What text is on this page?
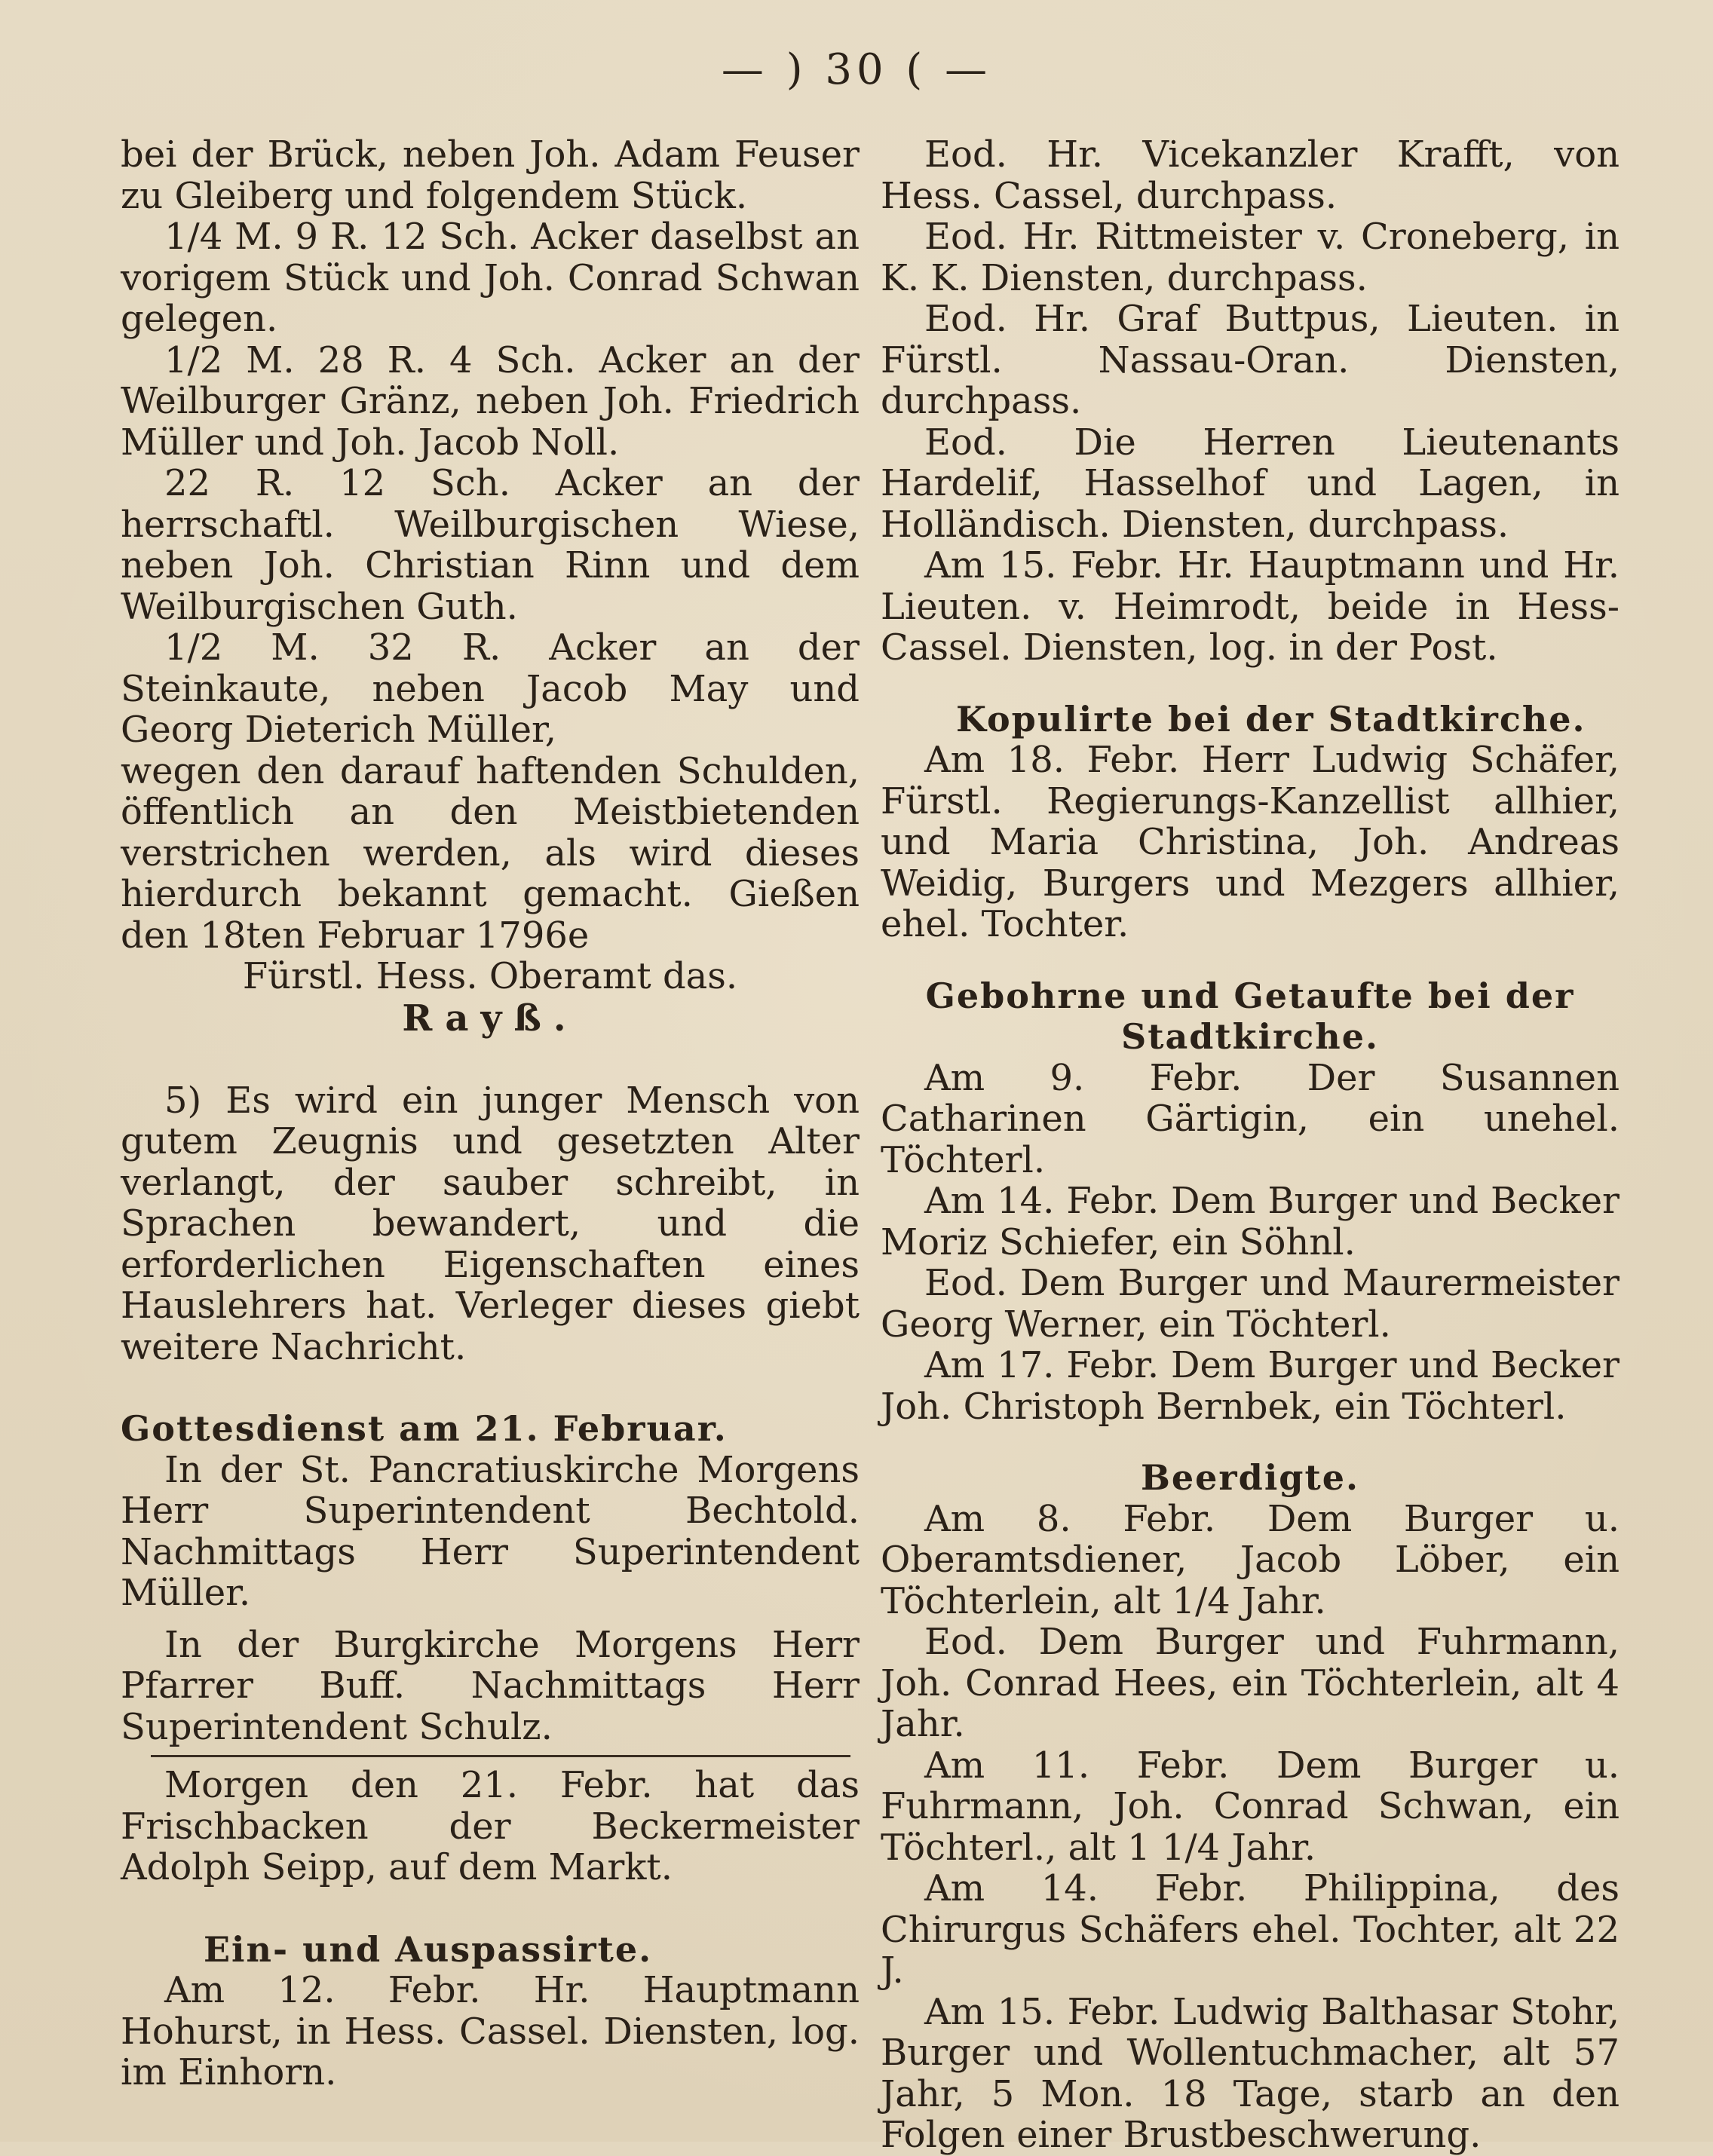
— ) 30 ( —

bei der Brück, neben Joh. Adam Feuser zu Gleiberg und folgendem Stück.

1/4 M. 9 R. 12 Sch. Acker daselbst an vorigem Stück und Joh. Conrad Schwan gelegen.

1/2 M. 28 R. 4 Sch. Acker an der Weilburger Gränz, neben Joh. Friedrich Müller und Joh. Jacob Noll.

22 R. 12 Sch. Acker an der herrschaftl. Weilburgischen Wiese, neben Joh. Christian Rinn und dem Weilburgischen Guth.

1/2 M. 32 R. Acker an der Steinkaute, neben Jacob May und Georg Dieterich Müller,

wegen den darauf haftenden Schulden, öffentlich an den Meistbietenden verstrichen werden, als wird dieses hierdurch bekannt gemacht. Gießen den 18ten Februar 1796e

Fürstl. Hess. Oberamt das.
Rayß.

5) Es wird ein junger Mensch von gutem Zeugnis und gesetzten Alter verlangt, der sauber schreibt, in Sprachen bewandert, und die erforderlichen Eigenschaften eines Hauslehrers hat. Verleger dieses giebt weitere Nachricht.

Gottesdienst am 21. Februar.

In der St. Pancratiuskirche Morgens Herr Superintendent Bechtold. Nachmittags Herr Superintendent Müller.

In der Burgkirche Morgens Herr Pfarrer Buff. Nachmittags Herr Superintendent Schulz.

Morgen den 21. Febr. hat das Frischbacken der Beckermeister Adolph Seipp, auf dem Markt.

Ein- und Auspassirte.

Am 12. Febr. Hr. Hauptmann Hohurst, in Hess. Cassel. Diensten, log. im Einhorn.

Eod. Hr. Vicekanzler Krafft, von Hess. Cassel, durchpass.

Eod. Hr. Rittmeister v. Croneberg, in K. K. Diensten, durchpass.

Eod. Hr. Graf Buttpus, Lieuten. in Fürstl. Nassau-Oran. Diensten, durchpass.

Eod. Die Herren Lieutenants Hardelif, Hasselhof und Lagen, in Holländisch. Diensten, durchpass.

Am 15. Febr. Hr. Hauptmann und Hr. Lieuten. v. Heimrodt, beide in Hess-Cassel. Diensten, log. in der Post.

Kopulirte bei der Stadtkirche.

Am 18. Febr. Herr Ludwig Schäfer, Fürstl. Regierungs-Kanzellist allhier, und Maria Christina, Joh. Andreas Weidig, Burgers und Mezgers allhier, ehel. Tochter.

Gebohrne und Getaufte bei der Stadtkirche.

Am 9. Febr. Der Susannen Catharinen Gärtigin, ein unehel. Töchterl.

Am 14. Febr. Dem Burger und Becker Moriz Schiefer, ein Söhnl.

Eod. Dem Burger und Maurermeister Georg Werner, ein Töchterl.

Am 17. Febr. Dem Burger und Becker Joh. Christoph Bernbek, ein Töchterl.

Beerdigte.

Am 8. Febr. Dem Burger u. Oberamtsdiener, Jacob Löber, ein Töchterlein, alt 1/4 Jahr.

Eod. Dem Burger und Fuhrmann, Joh. Conrad Hees, ein Töchterlein, alt 4 Jahr.

Am 11. Febr. Dem Burger u. Fuhrmann, Joh. Conrad Schwan, ein Töchterl., alt 1 1/4 Jahr.

Am 14. Febr. Philippina, des Chirurgus Schäfers ehel. Tochter, alt 22 J.

Am 15. Febr. Ludwig Balthasar Stohr, Burger und Wollentuchmacher, alt 57 Jahr, 5 Mon. 18 Tage, starb an den Folgen einer Brustbeschwerung.
